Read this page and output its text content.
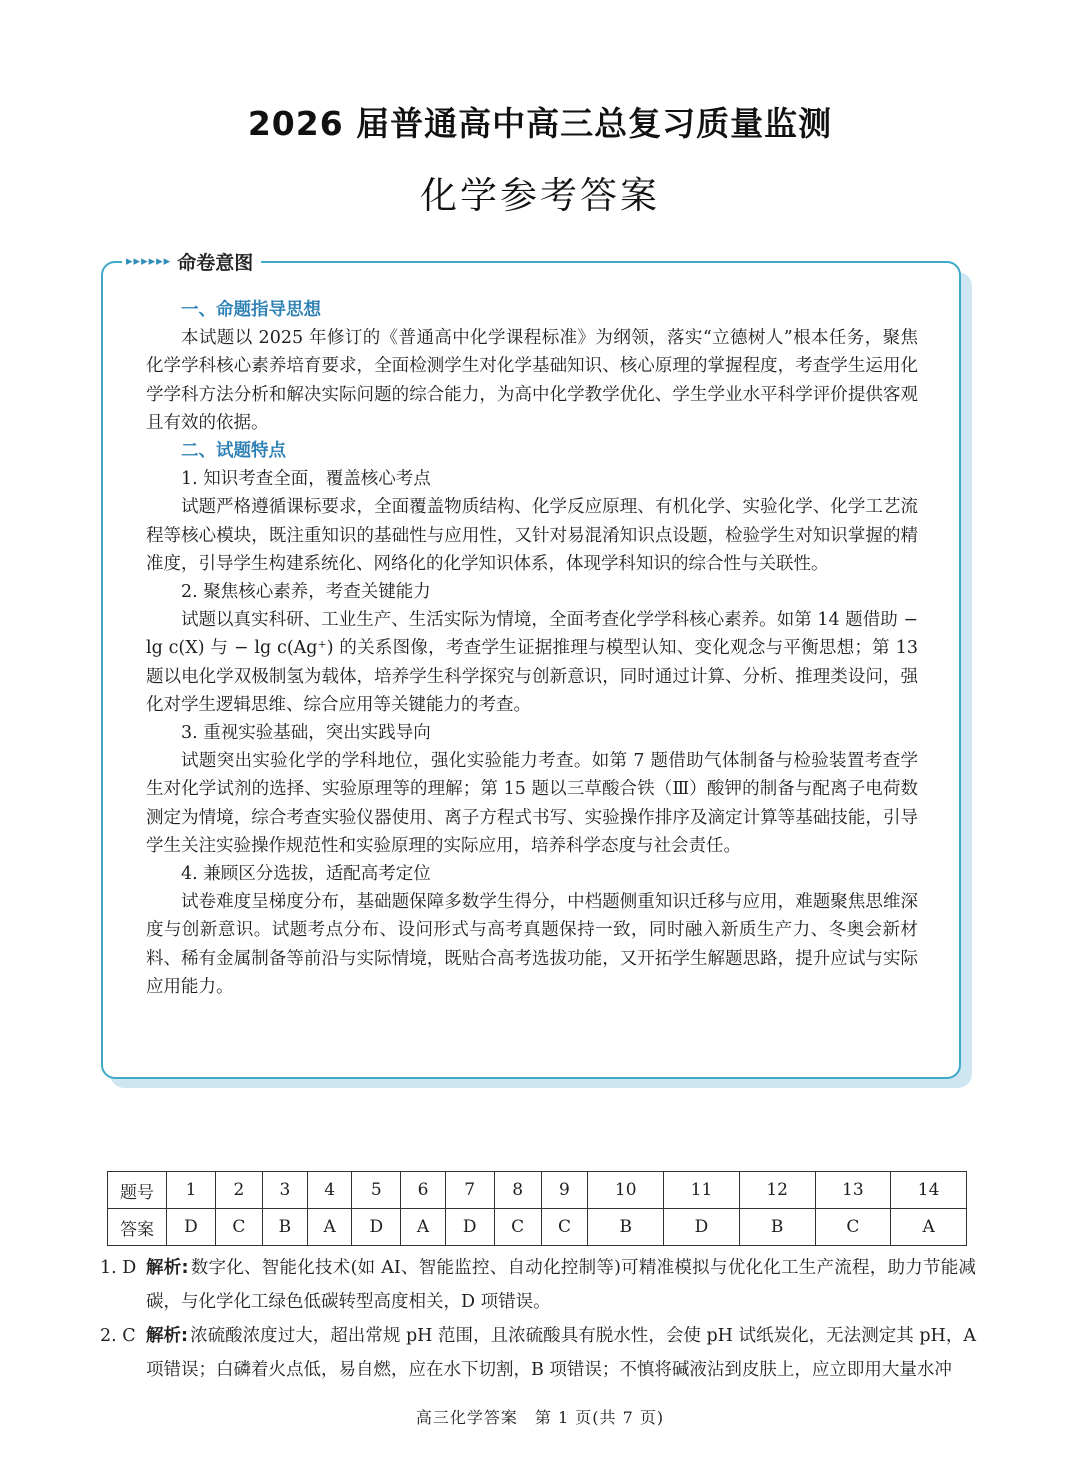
2026 届普通高中高三总复习质量监测
化学参考答案
▸ ▸ ▸ ▸ ▸ ▸ 命卷意图
一、命题指导思想

本试题以 2025 年修订的《普通高中化学课程标准》为纲领，落实“立德树人”根本任务，聚焦化学学科核心素养培育要求，全面检测学生对化学基础知识、核心原理的掌握程度，考查学生运用化学学科方法分析和解决实际问题的综合能力，为高中化学教学优化、学生学业水平科学评价提供客观且有效的依据。

二、试题特点
1. 知识考查全面，覆盖核心考点

试题严格遵循课标要求，全面覆盖物质结构、化学反应原理、有机化学、实验化学、化学工艺流程等核心模块，既注重知识的基础性与应用性，又针对易混淆知识点设题，检验学生对知识掌握的精准度，引导学生构建系统化、网络化的化学知识体系，体现学科知识的综合性与关联性。

2. 聚焦核心素养，考查关键能力

试题以真实科研、工业生产、生活实际为情境，全面考查化学学科核心素养。如第 14 题借助 − lg c(X) 与 − lg c(Ag⁺) 的关系图像，考查学生证据推理与模型认知、变化观念与平衡思想；第 13 题以电化学双极制氢为载体，培养学生科学探究与创新意识，同时通过计算、分析、推理类设问，强化对学生逻辑思维、综合应用等关键能力的考查。

3. 重视实验基础，突出实践导向

试题突出实验化学的学科地位，强化实验能力考查。如第 7 题借助气体制备与检验装置考查学生对化学试剂的选择、实验原理等的理解；第 15 题以三草酸合铁（Ⅲ）酸钾的制备与配离子电荷数测定为情境，综合考查实验仪器使用、离子方程式书写、实验操作排序及滴定计算等基础技能，引导学生关注实验操作规范性和实验原理的实际应用，培养科学态度与社会责任。

4. 兼顾区分选拔，适配高考定位

试卷难度呈梯度分布，基础题保障多数学生得分，中档题侧重知识迁移与应用，难题聚焦思维深度与创新意识。试题考点分布、设问形式与高考真题保持一致，同时融入新质生产力、冬奥会新材料、稀有金属制备等前沿与实际情境，既贴合高考选拔功能，又开拓学生解题思路，提升应试与实际应用能力。

题号	1	2	3	4	5	6	7	8	9	10	11	12	13	14
答案	D	C	B	A	D	A	D	C	C	B	D	B	C	A
1. D 解析: 数字化、智能化技术(如 AI、智能监控、自动化控制等)可精准模拟与优化化工生产流程，助力节能减碳，与化学化工绿色低碳转型高度相关，D 项错误。
2. C 解析: 浓硫酸浓度过大，超出常规 pH 范围，且浓硫酸具有脱水性，会使 pH 试纸炭化，无法测定其 pH，A 项错误；白磷着火点低，易自燃，应在水下切割，B 项错误；不慎将碱液沾到皮肤上，应立即用大量水冲
高三化学答案　第 1 页(共 7 页)
